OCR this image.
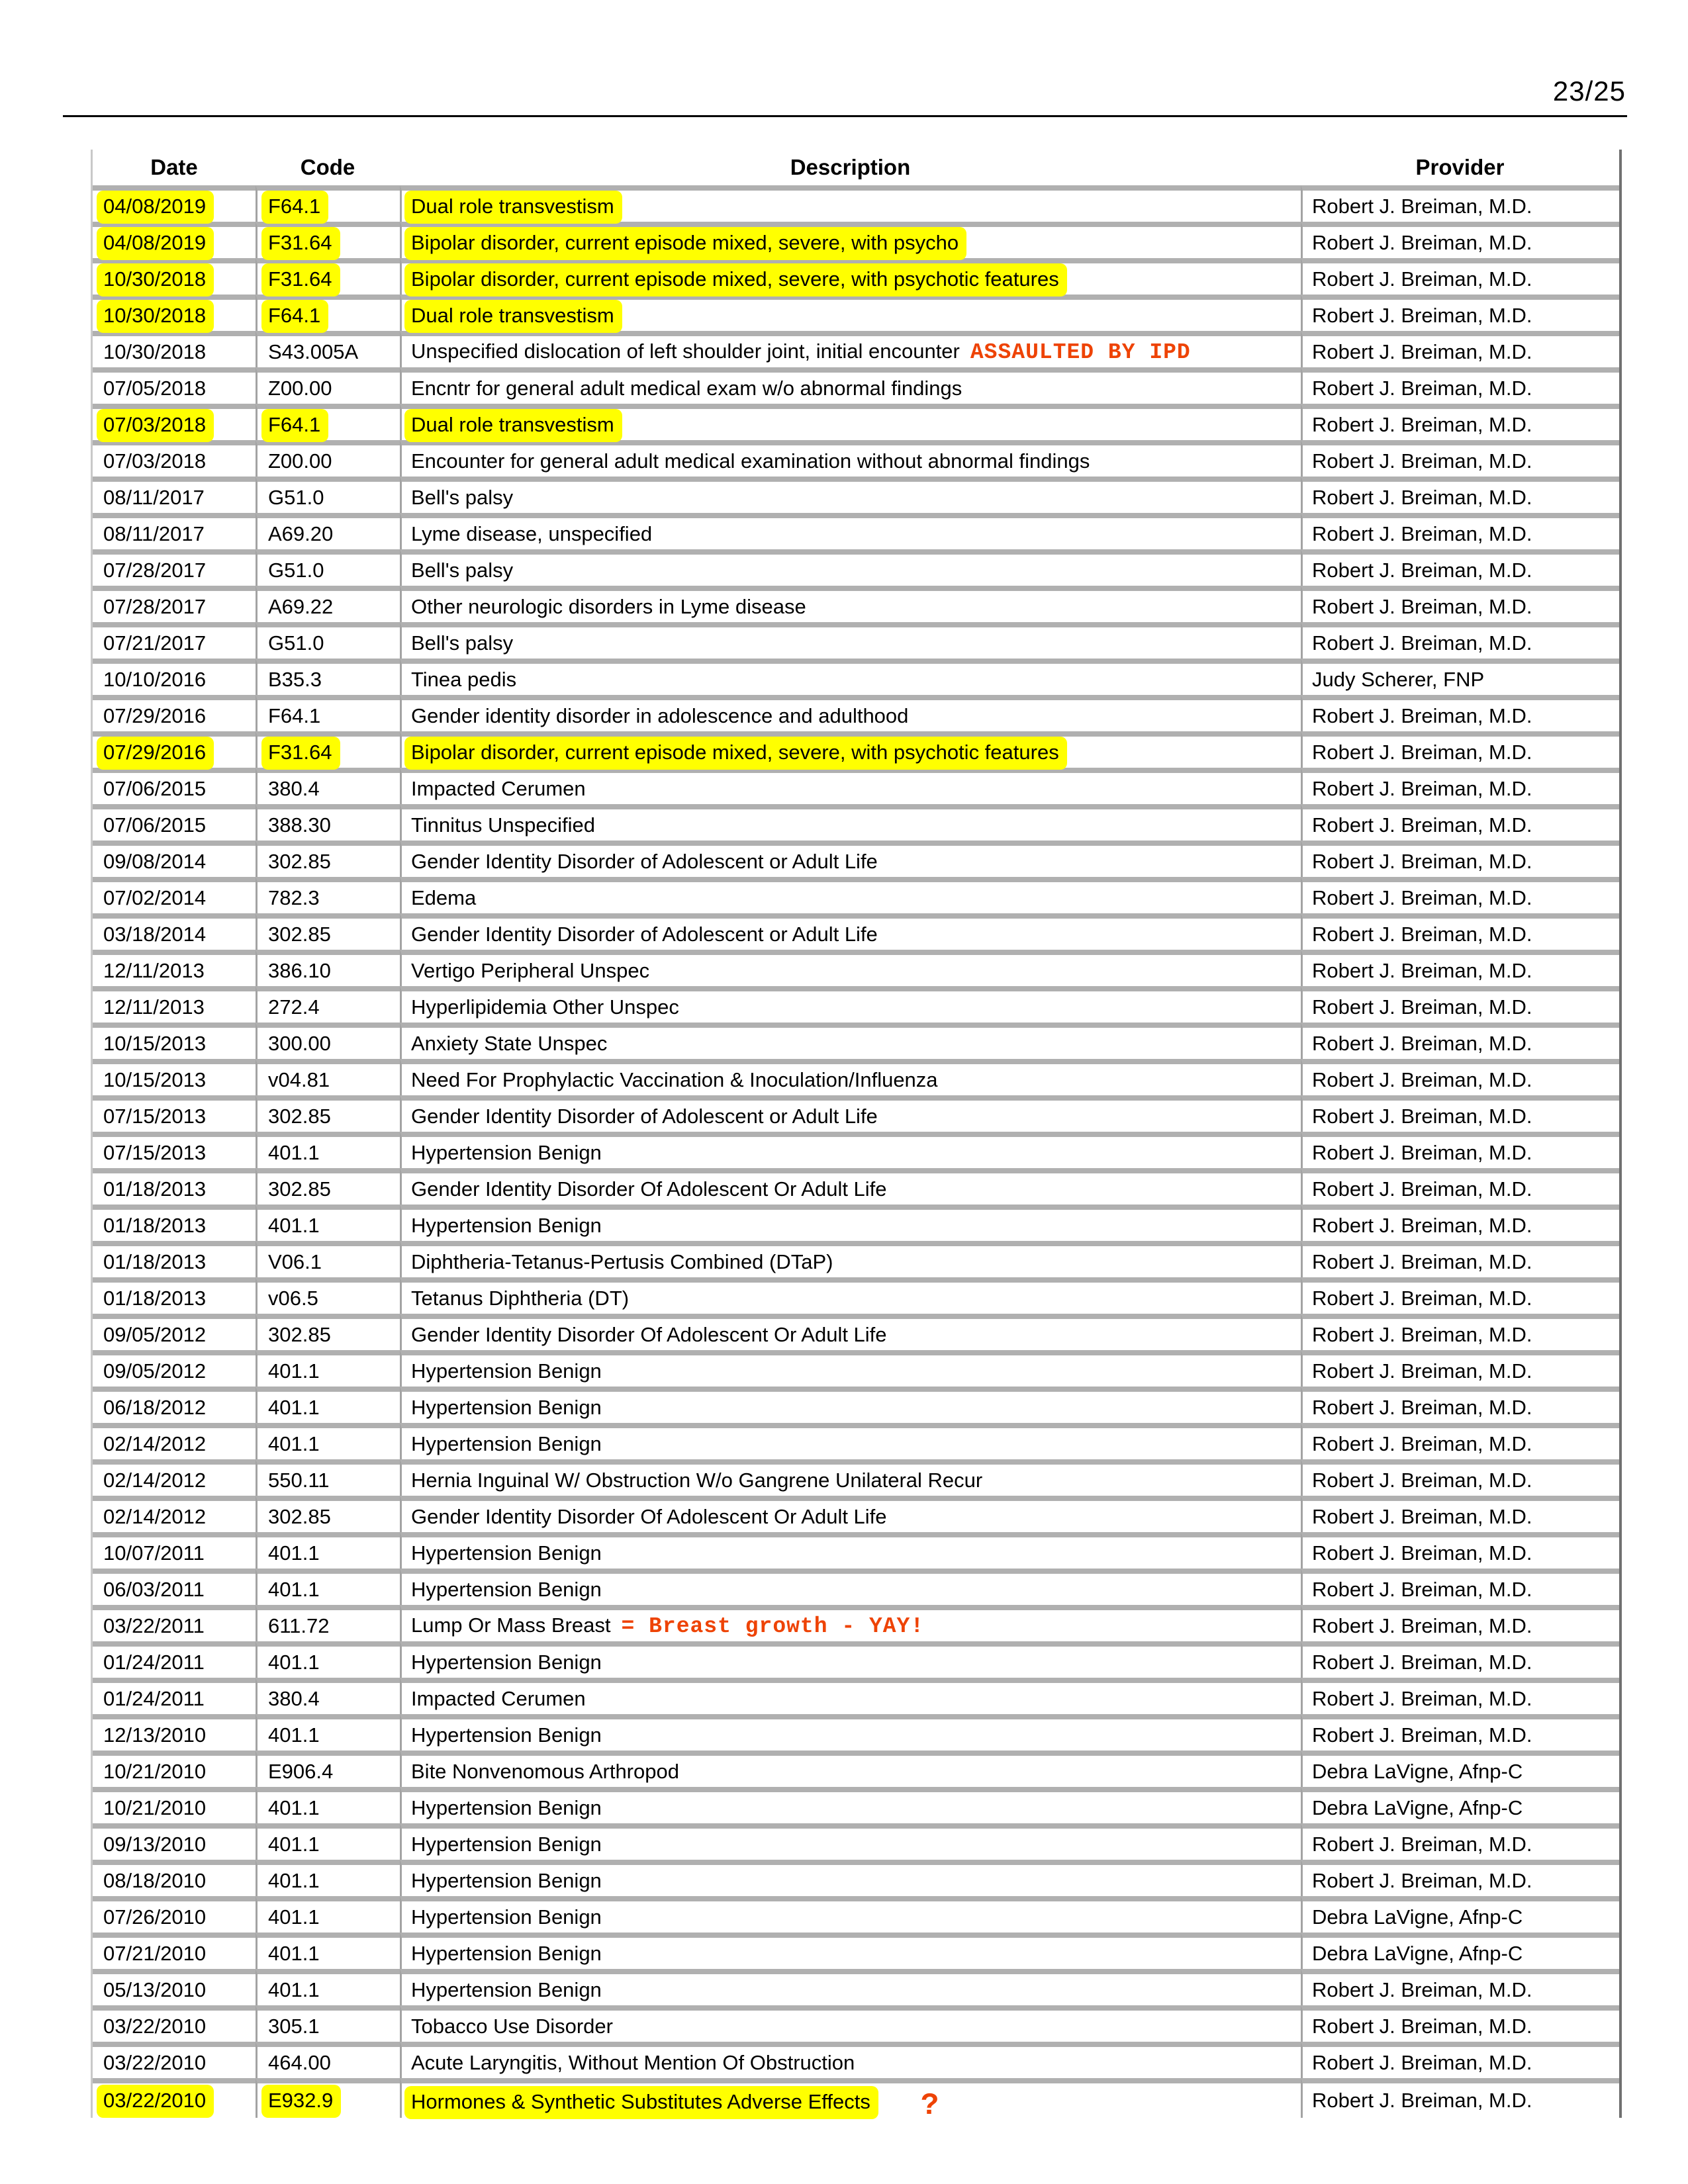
23/25
Date	Code	Description	Provider
04/08/2019	F64.1	Dual role transvestism	Robert J. Breiman, M.D.
04/08/2019	F31.64	Bipolar disorder, current episode mixed, severe, with psycho	Robert J. Breiman, M.D.
10/30/2018	F31.64	Bipolar disorder, current episode mixed, severe, with psychotic features	Robert J. Breiman, M.D.
10/30/2018	F64.1	Dual role transvestism	Robert J. Breiman, M.D.
10/30/2018	S43.005A	Unspecified dislocation of left shoulder joint, initial encounter ASSAULTED BY IPD	Robert J. Breiman, M.D.
07/05/2018	Z00.00	Encntr for general adult medical exam w/o abnormal findings	Robert J. Breiman, M.D.
07/03/2018	F64.1	Dual role transvestism	Robert J. Breiman, M.D.
07/03/2018	Z00.00	Encounter for general adult medical examination without abnormal findings	Robert J. Breiman, M.D.
08/11/2017	G51.0	Bell's palsy	Robert J. Breiman, M.D.
08/11/2017	A69.20	Lyme disease, unspecified	Robert J. Breiman, M.D.
07/28/2017	G51.0	Bell's palsy	Robert J. Breiman, M.D.
07/28/2017	A69.22	Other neurologic disorders in Lyme disease	Robert J. Breiman, M.D.
07/21/2017	G51.0	Bell's palsy	Robert J. Breiman, M.D.
10/10/2016	B35.3	Tinea pedis	Judy Scherer, FNP
07/29/2016	F64.1	Gender identity disorder in adolescence and adulthood	Robert J. Breiman, M.D.
07/29/2016	F31.64	Bipolar disorder, current episode mixed, severe, with psychotic features	Robert J. Breiman, M.D.
07/06/2015	380.4	Impacted Cerumen	Robert J. Breiman, M.D.
07/06/2015	388.30	Tinnitus Unspecified	Robert J. Breiman, M.D.
09/08/2014	302.85	Gender Identity Disorder of Adolescent or Adult Life	Robert J. Breiman, M.D.
07/02/2014	782.3	Edema	Robert J. Breiman, M.D.
03/18/2014	302.85	Gender Identity Disorder of Adolescent or Adult Life	Robert J. Breiman, M.D.
12/11/2013	386.10	Vertigo Peripheral Unspec	Robert J. Breiman, M.D.
12/11/2013	272.4	Hyperlipidemia Other Unspec	Robert J. Breiman, M.D.
10/15/2013	300.00	Anxiety State Unspec	Robert J. Breiman, M.D.
10/15/2013	v04.81	Need For Prophylactic Vaccination & Inoculation/Influenza	Robert J. Breiman, M.D.
07/15/2013	302.85	Gender Identity Disorder of Adolescent or Adult Life	Robert J. Breiman, M.D.
07/15/2013	401.1	Hypertension Benign	Robert J. Breiman, M.D.
01/18/2013	302.85	Gender Identity Disorder Of Adolescent Or Adult Life	Robert J. Breiman, M.D.
01/18/2013	401.1	Hypertension Benign	Robert J. Breiman, M.D.
01/18/2013	V06.1	Diphtheria-Tetanus-Pertusis Combined (DTaP)	Robert J. Breiman, M.D.
01/18/2013	v06.5	Tetanus Diphtheria (DT)	Robert J. Breiman, M.D.
09/05/2012	302.85	Gender Identity Disorder Of Adolescent Or Adult Life	Robert J. Breiman, M.D.
09/05/2012	401.1	Hypertension Benign	Robert J. Breiman, M.D.
06/18/2012	401.1	Hypertension Benign	Robert J. Breiman, M.D.
02/14/2012	401.1	Hypertension Benign	Robert J. Breiman, M.D.
02/14/2012	550.11	Hernia Inguinal W/ Obstruction W/o Gangrene Unilateral Recur	Robert J. Breiman, M.D.
02/14/2012	302.85	Gender Identity Disorder Of Adolescent Or Adult Life	Robert J. Breiman, M.D.
10/07/2011	401.1	Hypertension Benign	Robert J. Breiman, M.D.
06/03/2011	401.1	Hypertension Benign	Robert J. Breiman, M.D.
03/22/2011	611.72	Lump Or Mass Breast = Breast growth - YAY!	Robert J. Breiman, M.D.
01/24/2011	401.1	Hypertension Benign	Robert J. Breiman, M.D.
01/24/2011	380.4	Impacted Cerumen	Robert J. Breiman, M.D.
12/13/2010	401.1	Hypertension Benign	Robert J. Breiman, M.D.
10/21/2010	E906.4	Bite Nonvenomous Arthropod	Debra LaVigne, Afnp-C
10/21/2010	401.1	Hypertension Benign	Debra LaVigne, Afnp-C
09/13/2010	401.1	Hypertension Benign	Robert J. Breiman, M.D.
08/18/2010	401.1	Hypertension Benign	Robert J. Breiman, M.D.
07/26/2010	401.1	Hypertension Benign	Debra LaVigne, Afnp-C
07/21/2010	401.1	Hypertension Benign	Debra LaVigne, Afnp-C
05/13/2010	401.1	Hypertension Benign	Robert J. Breiman, M.D.
03/22/2010	305.1	Tobacco Use Disorder	Robert J. Breiman, M.D.
03/22/2010	464.00	Acute Laryngitis, Without Mention Of Obstruction	Robert J. Breiman, M.D.
03/22/2010	E932.9	Hormones & Synthetic Substitutes Adverse Effects ?	Robert J. Breiman, M.D.
